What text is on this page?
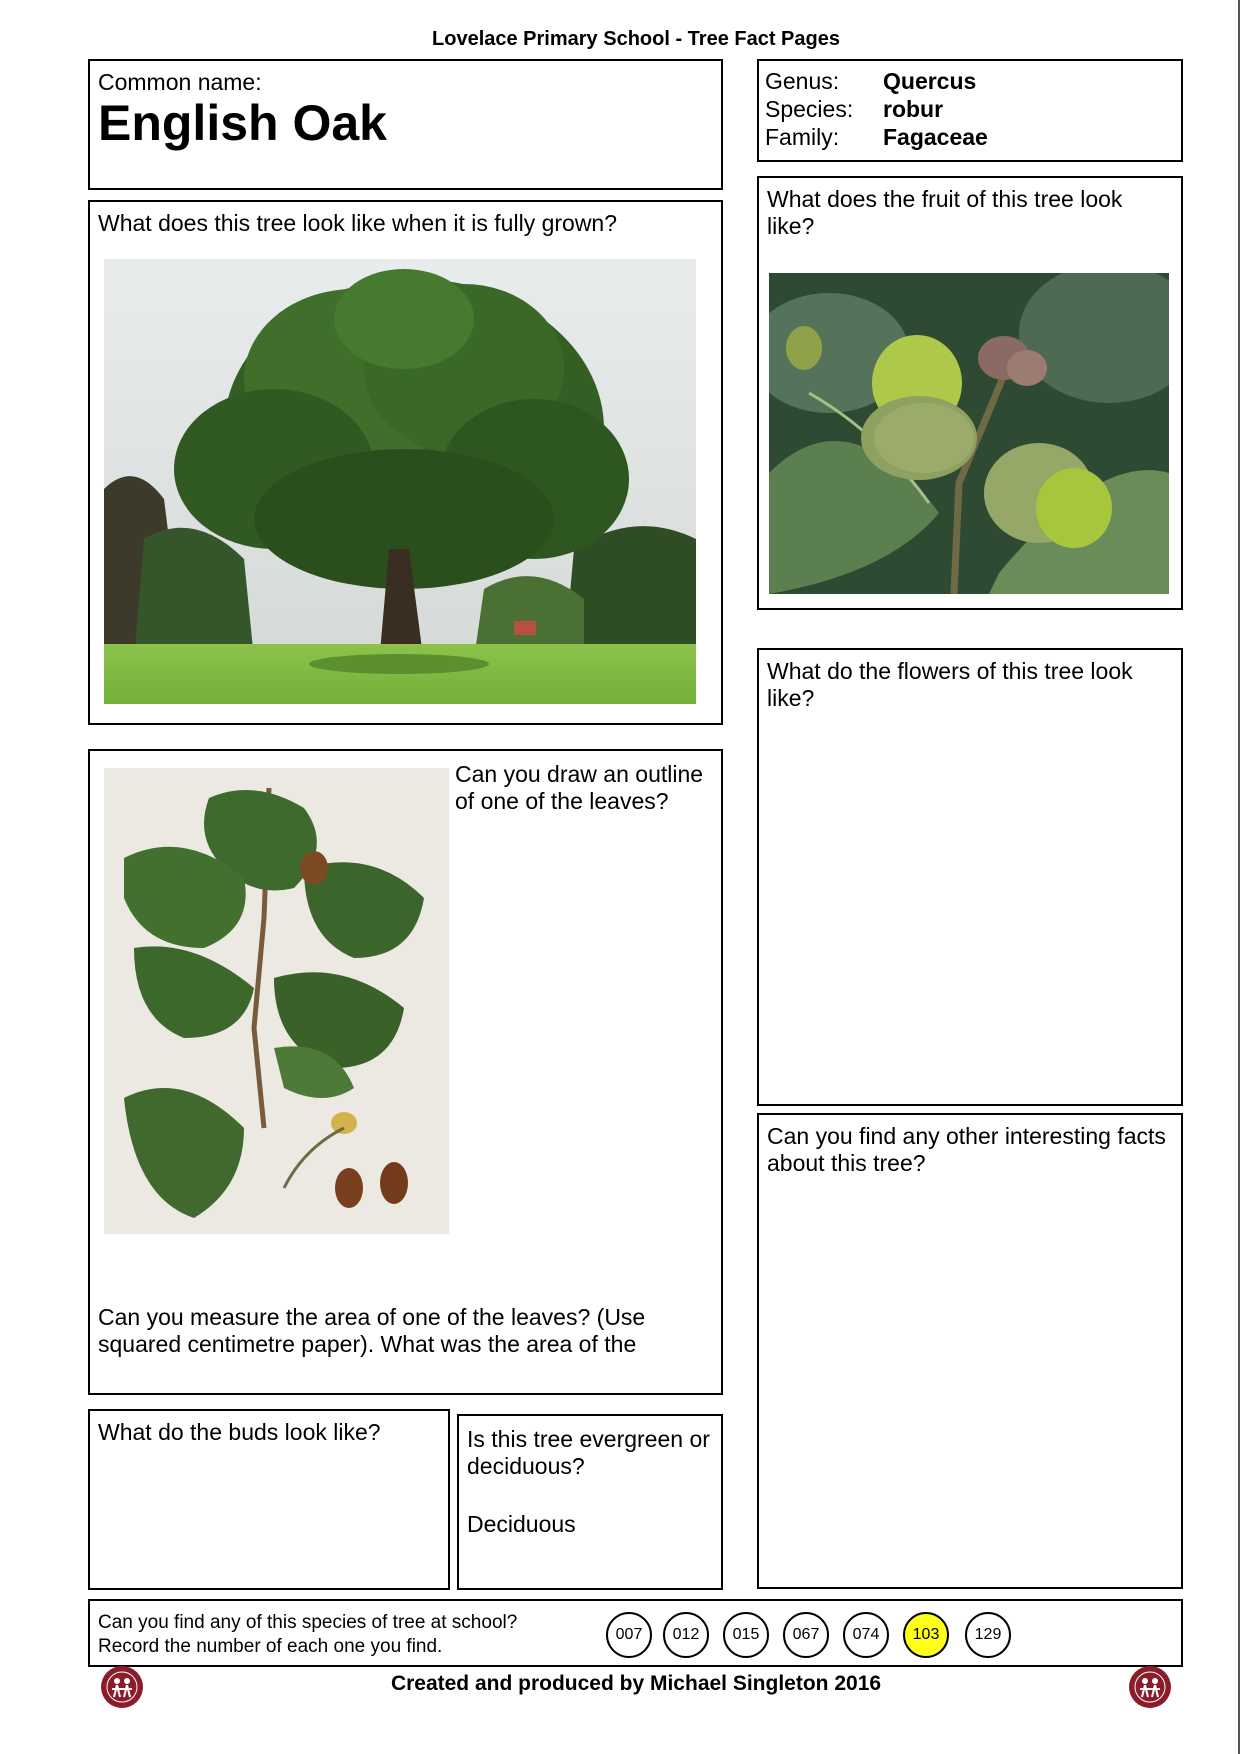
Lovelace Primary School - Tree Fact Pages
Common name:
English Oak
Genus:	Quercus
Species:	robur
Family:	Fagaceae

What does this tree look like when it is fully grown?

What does the fruit of this tree look like?

What do the flowers of this tree look like?

Can you find any other interesting facts about this tree?

Can you draw an outline of one of the leaves?

Can you measure the area of one of the leaves? (Use squared centimetre paper). What was the area of the

What do the buds look like?	Is this tree evergreen or deciduous?

Deciduous

Can you find any of this species of tree at school?
Record the number of each one you find.
007	012	015	067	074	103	129
Created and produced by Michael Singleton 2016
